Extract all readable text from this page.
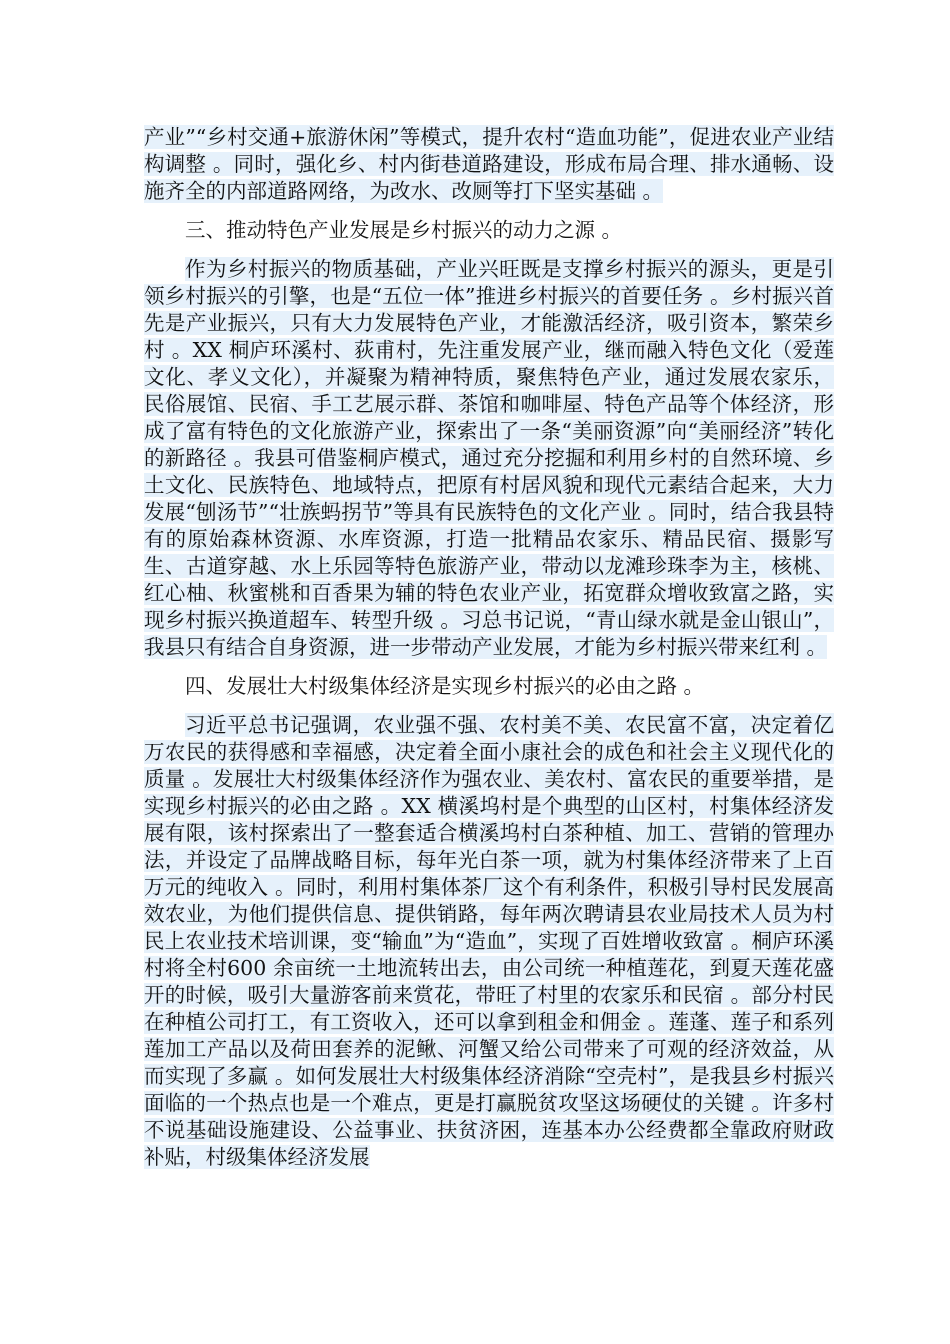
产业”“乡村交通+旅游休闲”等模式，提升农村“造血功能”，促进农业产业结构调整 。同时，强化乡、村内街巷道路建设，形成布局合理、排水通畅、设施齐全的内部道路网络，为改水、改厕等打下坚实基础 。

三、推动特色产业发展是乡村振兴的动力之源 。

作为乡村振兴的物质基础，产业兴旺既是支撑乡村振兴的源头，更是引领乡村振兴的引擎，也是“五位一体”推进乡村振兴的首要任务 。乡村振兴首先是产业振兴，只有大力发展特色产业，才能激活经济，吸引资本，繁荣乡村 。XX 桐庐环溪村、荻甫村，先注重发展产业，继而融入特色文化（爱莲文化、孝义文化），并凝聚为精神特质，聚焦特色产业，通过发展农家乐， 民俗展馆、民宿、手工艺展示群、茶馆和咖啡屋、特色产品等个体经济，形成了富有特色的文化旅游产业，探索出了一条“美丽资源”向“美丽经济”转化的新路径 。我县可借鉴桐庐模式，通过充分挖掘和利用乡村的自然环境、乡土文化、民族特色、地域特点，把原有村居风貌和现代元素结合起来，大力发展“刨汤节”“壮族蚂拐节”等具有民族特色的文化产业 。同时，结合我县特有的原始森林资源、水库资源，打造一批精品农家乐、精品民宿、摄影写生、古道穿越、水上乐园等特色旅游产业，带动以龙滩珍珠李为主，核桃、红心柚、秋蜜桃和百香果为辅的特色农业产业，拓宽群众增收致富之路，实现乡村振兴换道超车、转型升级 。习总书记说，“青山绿水就是金山银山”，我县只有结合自身资源，进一步带动产业发展，才能为乡村振兴带来红利 。

四、发展壮大村级集体经济是实现乡村振兴的必由之路 。

习近平总书记强调，农业强不强、农村美不美、农民富不富，决定着亿万农民的获得感和幸福感，决定着全面小康社会的成色和社会主义现代化的质量 。发展壮大村级集体经济作为强农业、美农村、富农民的重要举措，是实现乡村振兴的必由之路 。XX 横溪坞村是个典型的山区村，村集体经济发展有限，该村探索出了一整套适合横溪坞村白茶种植、加工、营销的管理办法，并设定了品牌战略目标，每年光白茶一项，就为村集体经济带来了上百万元的纯收入 。同时，利用村集体茶厂这个有利条件，积极引导村民发展高效农业，为他们提供信息、提供销路，每年两次聘请县农业局技术人员为村民上农业技术培训课，变“输血”为“造血”，实现了百姓增收致富 。桐庐环溪村将全村600 余亩统一土地流转出去，由公司统一种植莲花，到夏天莲花盛开的时候，吸引大量游客前来赏花，带旺了村里的农家乐和民宿 。部分村民在种植公司打工，有工资收入，还可以拿到租金和佣金 。莲蓬、莲子和系列莲加工产品以及荷田套养的泥鳅、河蟹又给公司带来了可观的经济效益，从而实现了多赢 。如何发展壮大村级集体经济消除“空壳村”，是我县乡村振兴面临的一个热点也是一个难点，更是打赢脱贫攻坚这场硬仗的关键 。许多村不说基础设施建设、公益事业、扶贫济困，连基本办公经费都全靠政府财政补贴，村级集体经济发展
